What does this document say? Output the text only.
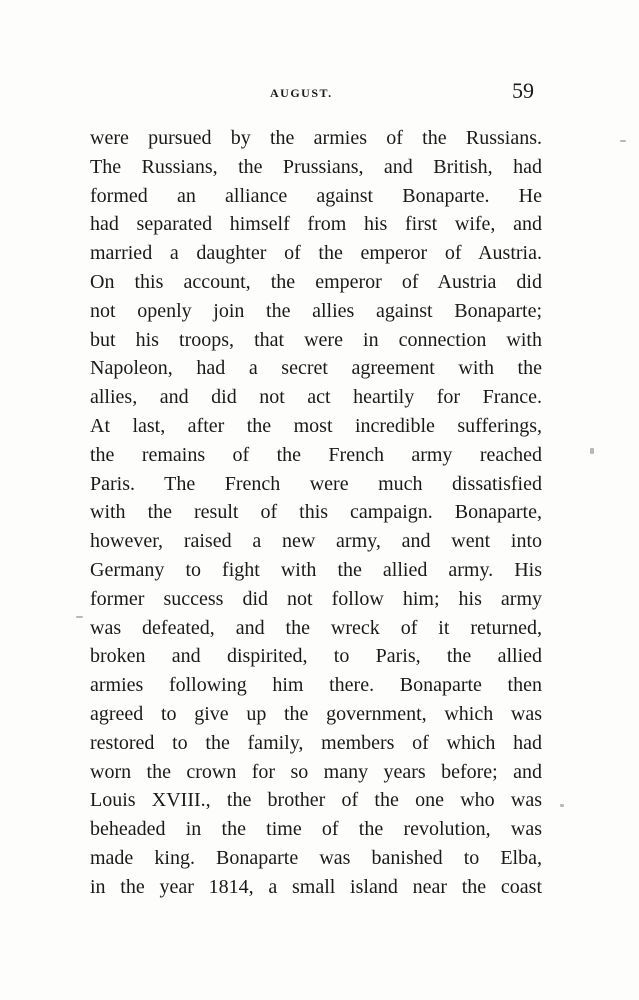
AUGUST.	59
were pursued by the armies of the Russians.
The Russians, the Prussians, and British, had
formed an alliance against Bonaparte. He
had separated himself from his first wife, and
married a daughter of the emperor of Austria.
On this account, the emperor of Austria did
not openly join the allies against Bonaparte;
but his troops, that were in connection with
Napoleon, had a secret agreement with the
allies, and did not act heartily for France.
At last, after the most incredible sufferings,
the remains of the French army reached
Paris. The French were much dissatisfied
with the result of this campaign. Bonaparte,
however, raised a new army, and went into
Germany to fight with the allied army. His
former success did not follow him; his army
was defeated, and the wreck of it returned,
broken and dispirited, to Paris, the allied
armies following him there. Bonaparte then
agreed to give up the government, which was
restored to the family, members of which had
worn the crown for so many years before; and
Louis XVIII., the brother of the one who was
beheaded in the time of the revolution, was
made king. Bonaparte was banished to Elba,
in the year 1814, a small island near the coast
